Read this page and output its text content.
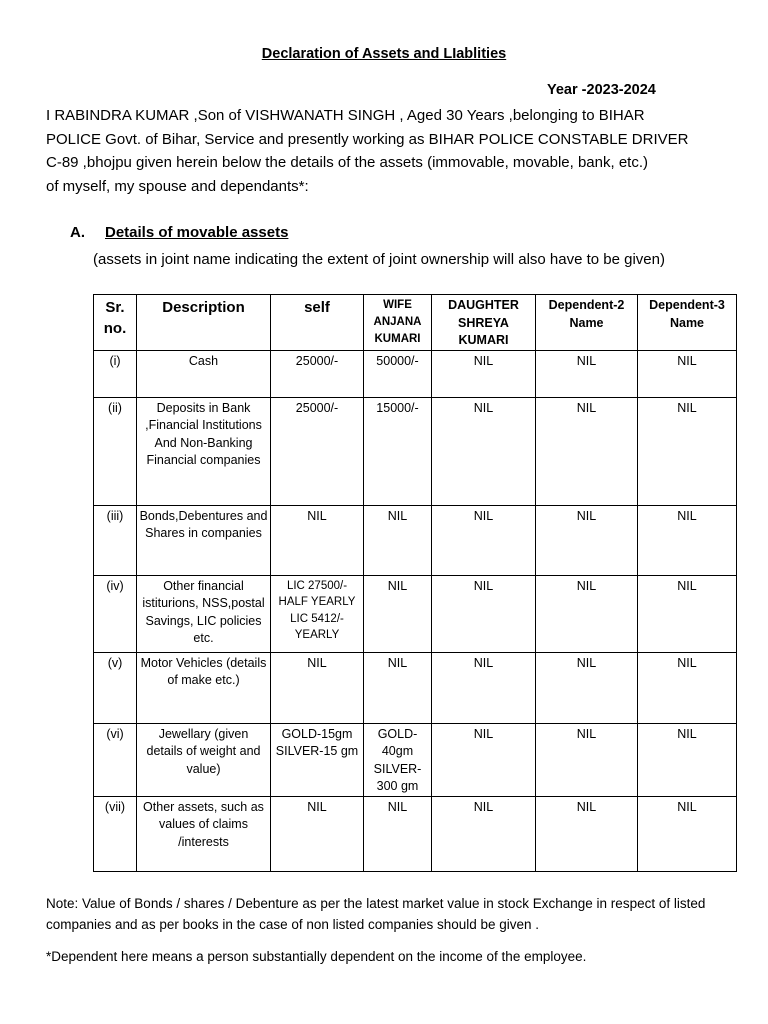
Declaration of Assets and LIablities
Year -2023-2024
I RABINDRA KUMAR ,Son of VISHWANATH SINGH , Aged 30 Years ,belonging to BIHAR
POLICE Govt. of Bihar, Service and presently working as BIHAR POLICE CONSTABLE DRIVER
C-89 ,bhojpu given herein below the details of the assets (immovable, movable, bank, etc.)
of myself, my spouse and dependants*:
A. Details of movable assets
(assets in joint name indicating the extent of joint ownership will also have to be given)
Sr. no.	Description	self	WIFE ANJANA KUMARI	DAUGHTER SHREYA KUMARI	Dependent-2 Name	Dependent-3 Name
(i)	Cash	25000/-	50000/-	NIL	NIL	NIL
(ii)	Deposits in Bank ,Financial Institutions And Non-Banking Financial companies	25000/-	15000/-	NIL	NIL	NIL
(iii)	Bonds,Debentures and Shares in companies	NIL	NIL	NIL	NIL	NIL
(iv)	Other financial istiturions, NSS,postal Savings, LIC policies etc.	LIC 27500/- HALF YEARLY LIC 5412/- YEARLY	NIL	NIL	NIL	NIL
(v)	Motor Vehicles (details of make etc.)	NIL	NIL	NIL	NIL	NIL
(vi)	Jewellary (given details of weight and value)	GOLD-15gm SILVER-15 gm	GOLD-40gm SILVER-300 gm	NIL	NIL	NIL
(vii)	Other assets, such as values of claims /interests	NIL	NIL	NIL	NIL	NIL

Note: Value of Bonds / shares / Debenture as per the latest market value in stock Exchange in respect of listed companies and as per books in the case of non listed companies should be given .

*Dependent here means a person substantially dependent on the income of the employee.
